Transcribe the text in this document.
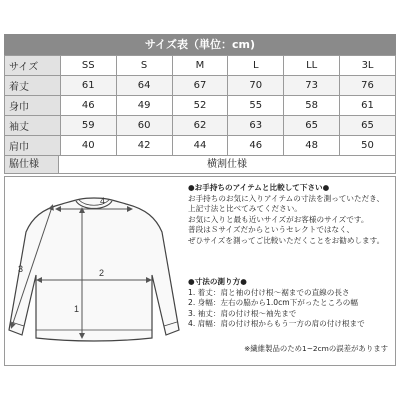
サイズ表（単位：cm)
サイズ	SS	S	M	L	LL	3L
着丈	61	64	67	70	73	76
身巾	46	49	52	55	58	61
袖丈	59	60	62	63	65	65
肩巾	40	42	44	46	48	50
脇仕様	横割仕様
4
2
1
3
●お手持ちのアイテムと比較して下さい●
お手持ちのお気に入りアイテムの寸法を測っていただき、
上記寸法と比べてみてください。
お気に入りと最も近いサイズがお客様のサイズです。
普段はＳサイズだからというセレクトではなく、
ぜひサイズを測ってご比較いただくことをお勧めします。
●寸法の測り方●
1. 着丈：肩と袖の付け根～裾までの直線の長さ
2. 身幅：左右の脇から1.0cm下がったところの幅
3. 袖丈：肩の付け根～袖先まで
4. 肩幅：肩の付け根からもう一方の肩の付け根まで
※繊維製品のため1~2cmの誤差があります
